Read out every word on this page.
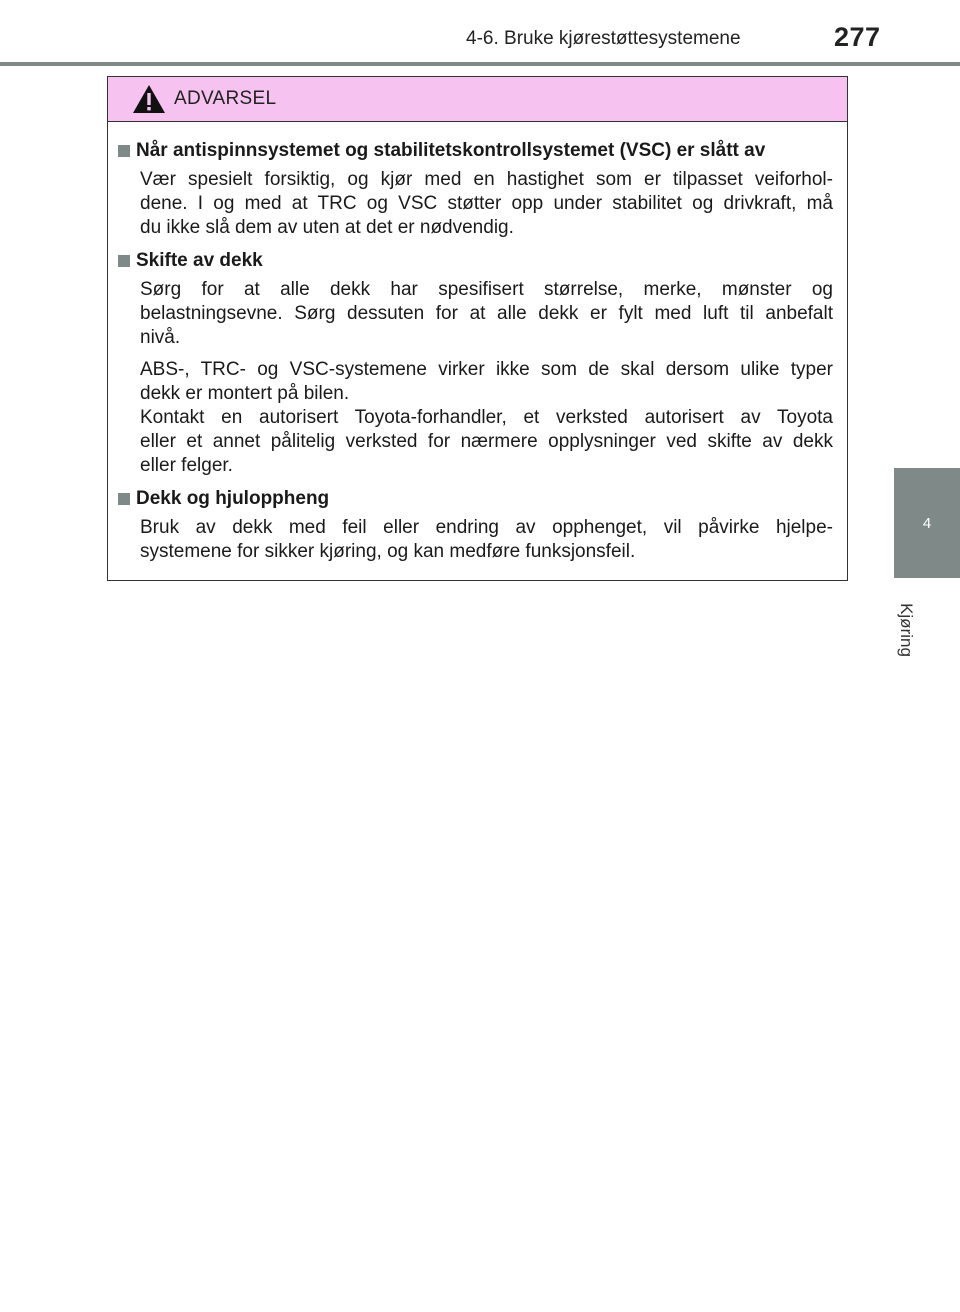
4-6. Bruke kjørestøttesystemene	277
4
Kjøring
ADVARSEL
Når antispinnsystemet og stabilitetskontrollsystemet (VSC) er slått av
Vær spesielt forsiktig, og kjør med en hastighet som er tilpasset veiforhol-
dene. I og med at TRC og VSC støtter opp under stabilitet og drivkraft, må
du ikke slå dem av uten at det er nødvendig.
Skifte av dekk
Sørg for at alle dekk har spesifisert størrelse, merke, mønster og
belastningsevne. Sørg dessuten for at alle dekk er fylt med luft til anbefalt
nivå.
ABS-, TRC- og VSC-systemene virker ikke som de skal dersom ulike typer
dekk er montert på bilen.
Kontakt en autorisert Toyota-forhandler, et verksted autorisert av Toyota
eller et annet pålitelig verksted for nærmere opplysninger ved skifte av dekk
eller felger.
Dekk og hjuloppheng
Bruk av dekk med feil eller endring av opphenget, vil påvirke hjelpe-
systemene for sikker kjøring, og kan medføre funksjonsfeil.
